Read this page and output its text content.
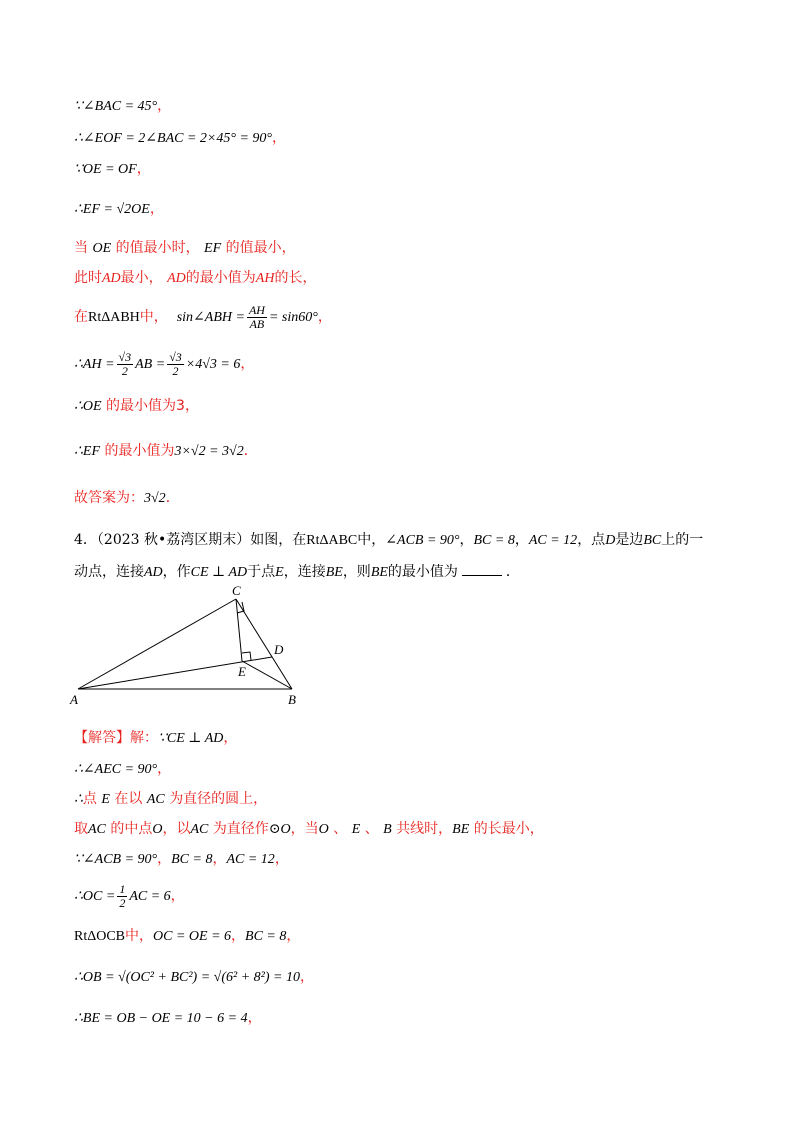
∵∠BAC = 45°，
∴∠EOF = 2∠BAC = 2×45° = 90°，
∵OE = OF，
∴EF = √2OE，
当 OE 的值最小时， EF 的值最小，
此时AD最小， AD的最小值为AH的长，
在RtΔABH中， sin∠ABH = $\frac{AH}{AB} = \sin 60^\circ$，
∴AH = $\frac{√3}{2}$ AB = $\frac{√3}{2} \times 4√3 = 6$，
∴OE 的最小值为3，
∴EF 的最小值为3×√2 = 3√2．
故答案为：3√2．
4．（2023 秋•荔湾区期末）如图，在RtΔABC中，∠ACB = 90°，BC = 8，AC = 12，点D是边BC上的一
动点，连接AD，作CE ⊥ AD于点E，连接BE，则BE的最小值为	．
A	B
C
D
E
【解答】解：∵CE ⊥ AD，
∴∠AEC = 90°，
∴点 E 在以 AC 为直径的圆上，
取AC 的中点O，以AC 为直径作⊙O，当O 、 E 、 B 共线时，BE 的长最小，
∵∠ACB = 90°，BC = 8，AC = 12，
∴OC = $\frac{1}{2}$ AC = 6，
RtΔOCB中，OC = OE = 6，BC = 8，
∴OB = √(OC² + BC²) = √(6² + 8²) = 10，
∴BE = OB − OE = 10 − 6 = 4，
